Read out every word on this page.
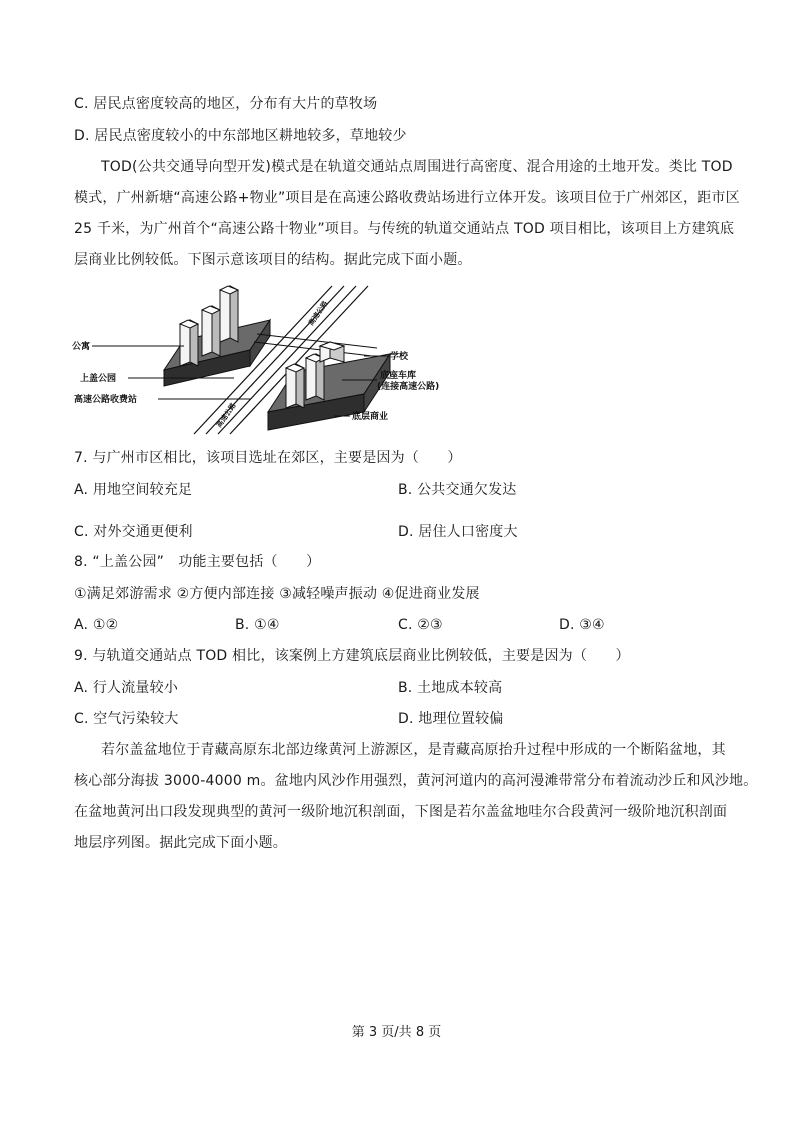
C. 居民点密度较高的地区，分布有大片的草牧场
D. 居民点密度较小的中东部地区耕地较多，草地较少
TOD(公共交通导向型开发)模式是在轨道交通站点周围进行高密度、混合用途的土地开发。类比 TOD
模式，广州新塘“高速公路+物业”项目是在高速公路收费站场进行立体开发。该项目位于广州郊区，距市区
25 千米，为广州首个“高速公路十物业”项目。与传统的轨道交通站点 TOD 项目相比，该项目上方建筑底
层商业比例较低。下图示意该项目的结构。据此完成下面小题。
公寓
上盖公园
高速公路收费站
学校
底座车库
(连接高速公路)
底层商业
高速公路
高速公路
7. 与广州市区相比，该项目选址在郊区，主要是因为（　　）
A. 用地空间较充足	B. 公共交通欠发达
C. 对外交通更便利	D. 居住人口密度大
8. “上盖公园”　功能主要包括（　　）
①满足郊游需求 ②方便内部连接 ③减轻噪声振动 ④促进商业发展
A. ①②	B. ①④	C. ②③	D. ③④
9. 与轨道交通站点 TOD 相比，该案例上方建筑底层商业比例较低，主要是因为（　　）
A. 行人流量较小	B. 土地成本较高
C. 空气污染较大	D. 地理位置较偏
若尔盖盆地位于青藏高原东北部边缘黄河上游源区，是青藏高原抬升过程中形成的一个断陷盆地，其
核心部分海拔 3000-4000 m。盆地内风沙作用强烈，黄河河道内的高河漫滩带常分布着流动沙丘和风沙地。
在盆地黄河出口段发现典型的黄河一级阶地沉积剖面，下图是若尔盖盆地哇尔合段黄河一级阶地沉积剖面
地层序列图。据此完成下面小题。
第 3 页/共 8 页
